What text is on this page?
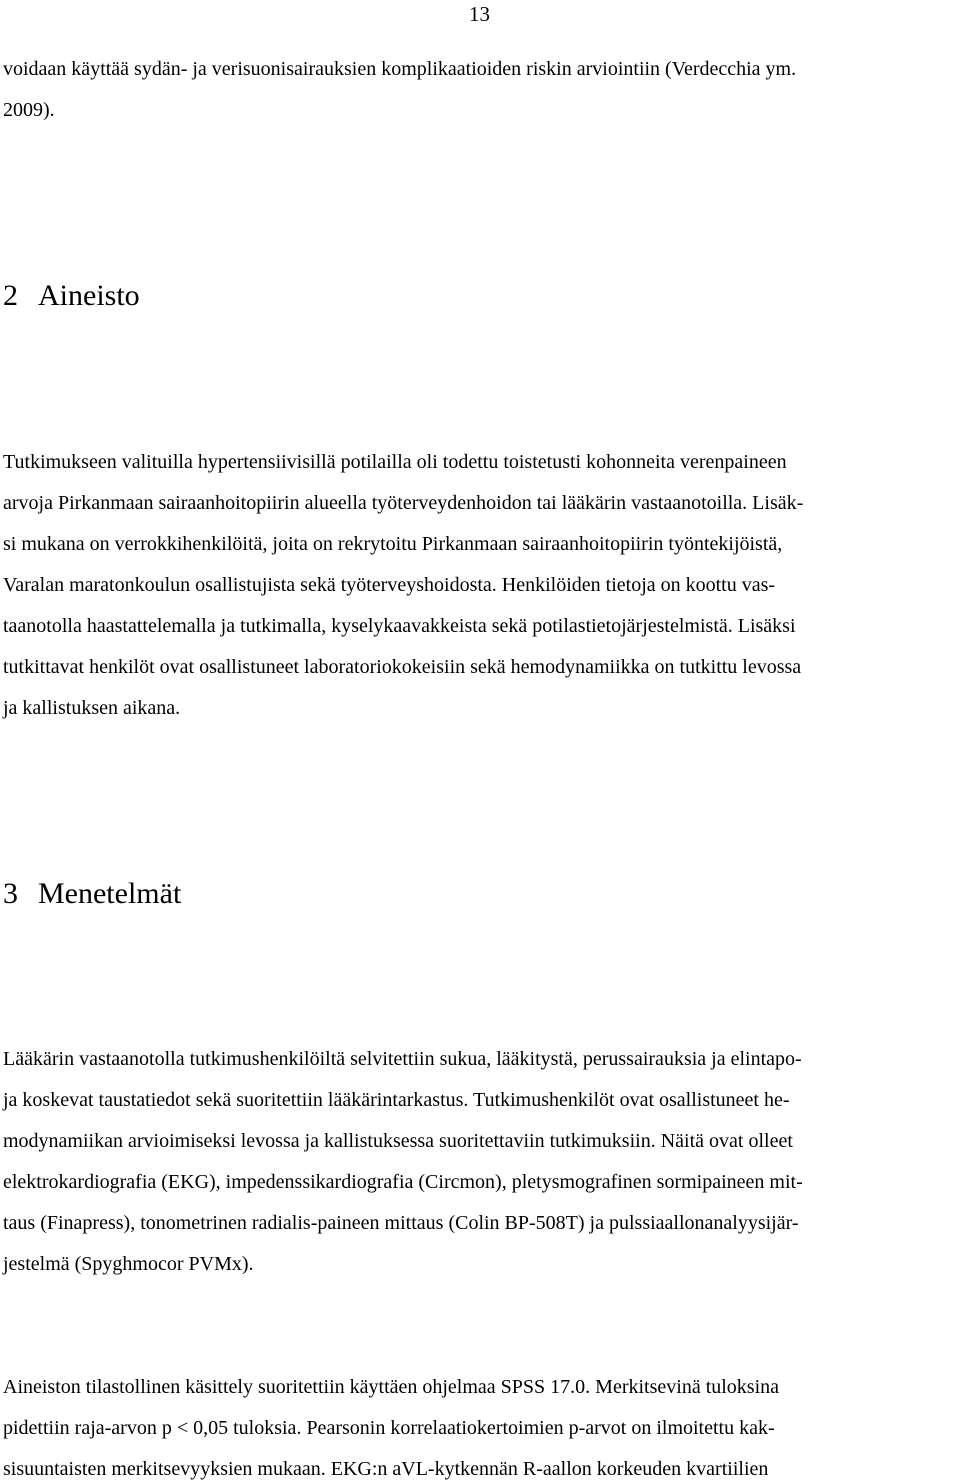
13
voidaan käyttää sydän- ja verisuonisairauksien komplikaatioiden riskin arviointiin (Verdecchia ym.
2009).
2 Aineisto
Tutkimukseen valituilla hypertensiivisillä potilailla oli todettu toistetusti kohonneita verenpaineen
arvoja Pirkanmaan sairaanhoitopiirin alueella työterveydenhoidon tai lääkärin vastaanotoilla. Lisäk-
si mukana on verrokkihenkilöitä, joita on rekrytoitu Pirkanmaan sairaanhoitopiirin työntekijöistä,
Varalan maratonkoulun osallistujista sekä työterveyshoidosta. Henkilöiden tietoja on koottu vas-
taanotolla haastattelemalla ja tutkimalla, kyselykaavakkeista sekä potilastietojärjestelmistä. Lisäksi
tutkittavat henkilöt ovat osallistuneet laboratoriokokeisiin sekä hemodynamiikka on tutkittu levossa
ja kallistuksen aikana.
3 Menetelmät
Lääkärin vastaanotolla tutkimushenkilöiltä selvitettiin sukua, lääkitystä, perussairauksia ja elintapo-
ja koskevat taustatiedot sekä suoritettiin lääkärintarkastus. Tutkimushenkilöt ovat osallistuneet he-
modynamiikan arvioimiseksi levossa ja kallistuksessa suoritettaviin tutkimuksiin. Näitä ovat olleet
elektrokardiografia (EKG), impedenssikardiografia (Circmon), pletysmografinen sormipaineen mit-
taus (Finapress), tonometrinen radialis-paineen mittaus (Colin BP-508T) ja pulssiaallonanalyysijär-
jestelmä (Spyghmocor PVMx).
Aineiston tilastollinen käsittely suoritettiin käyttäen ohjelmaa SPSS 17.0. Merkitsevinä tuloksina
pidettiin raja-arvon p < 0,05 tuloksia. Pearsonin korrelaatiokertoimien p-arvot on ilmoitettu kak-
sisuuntaisten merkitsevyyksien mukaan. EKG:n aVL-kytkennän R-aallon korkeuden kvartiilien
